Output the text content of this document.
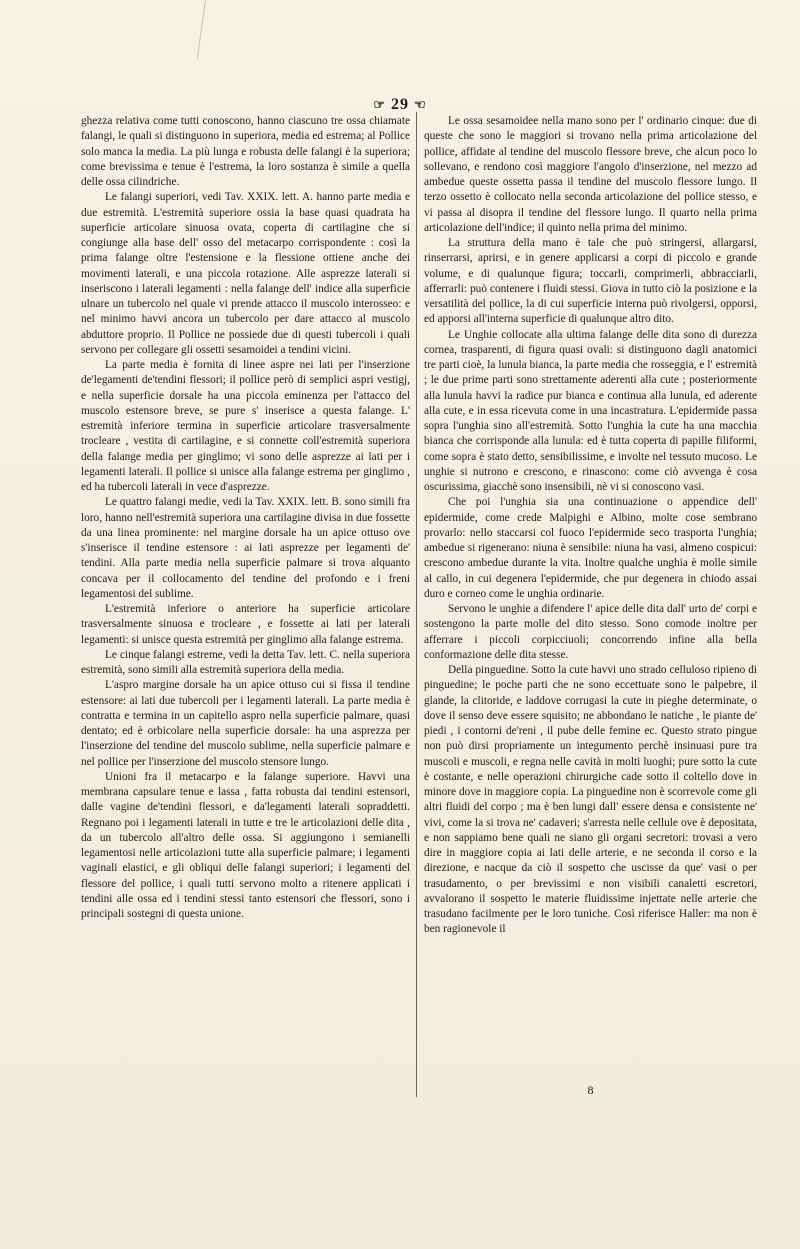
☞ 29 ☜

ghezza relativa come tutti conoscono, hanno ciascuno tre ossa chiamate falangi, le quali si distinguono in superiora, media ed estrema; al Pollice solo manca la media. La più lunga e robusta delle falangi è la superiora; come brevissima e tenue è l'estrema, la loro sostanza è simile a quella delle ossa cilindriche.

Le falangi superiori, vedi Tav. XXIX. lett. A. hanno parte media e due estremità. L'estremità superiore ossia la base quasi quadrata ha superficie articolare sinuosa ovata, coperta di cartilagine che si congiunge alla base dell' osso del metacarpo corrispondente : così la prima falange oltre l'estensione e la flessione ottiene anche dei movimenti laterali, e una piccola rotazione. Alle asprezze laterali si inseriscono i laterali legamenti : nella falange dell' indice alla superficie ulnare un tubercolo nel quale vi prende attacco il muscolo interosseo: e nel minimo havvi ancora un tubercolo per dare attacco al muscolo abduttore proprio. Il Pollice ne possiede due di questi tubercoli i quali servono per collegare gli ossetti sesamoidei a tendini vicini.

La parte media è fornita di linee aspre nei lati per l'inserzione de'legamenti de'tendini flessori; il pollice però di semplici aspri vestigj, e nella superficie dorsale ha una piccola eminenza per l'attacco del muscolo estensore breve, se pure s' inserisce a questa falange. L' estremità inferiore termina in superficie articolare trasversalmente trocleare , vestita di cartilagine, e si connette coll'estremità superiora della falange media per ginglimo; vi sono delle asprezze ai lati per i legamenti laterali. Il pollice si unisce alla falange estrema per ginglimo , ed ha tubercoli laterali in vece d'asprezze.

Le quattro falangi medie, vedi la Tav. XXIX. lett. B. sono simili fra loro, hanno nell'estremità superiora una cartilagine divisa in due fossette da una linea prominente: nel margine dorsale ha un apice ottuso ove s'inserisce il tendine estensore : ai lati asprezze per legamenti de' tendini. Alla parte media nella superficie palmare si trova alquanto concava per il collocamento del tendine del profondo e i freni legamentosi del sublime.

L'estremità inferiore o anteriore ha superficie articolare trasversalmente sinuosa e trocleare , e fossette ai lati per laterali legamenti: si unisce questa estremità per ginglimo alla falange estrema.

Le cinque falangi estreme, vedi la detta Tav. lett. C. nella superiora estremità, sono simili alla estremità superiora della media.

L'aspro margine dorsale ha un apice ottuso cui si fissa il tendine estensore: ai lati due tubercoli per i legamenti laterali. La parte media è contratta e termina in un capitello aspro nella superficie palmare, quasi dentato; ed è orbicolare nella superficie dorsale: ha una asprezza per l'inserzione del tendine del muscolo sublime, nella superficie palmare e nel pollice per l'inserzione del muscolo stensore lungo.

Unioni fra il metacarpo e la falange superiore. Havvi una membrana capsulare tenue e lassa , fatta robusta dai tendini estensori, dalle vagine de'tendini flessori, e da'legamenti laterali sopraddetti. Regnano poi i legamenti laterali in tutte e tre le articolazioni delle dita , da un tubercolo all'altro delle ossa. Si aggiungono i semianelli legamentosi nelle articolazioni tutte alla superficie palmare; i legamenti vaginali elastici, e gli obliqui delle falangi superiori; i legamenti del flessore del pollice, i quali tutti servono molto a ritenere applicati i tendini alle ossa ed i tendini stessi tanto estensori che flessori, sono i principali sostegni di questa unione.

Le ossa sesamoidee nella mano sono per l' ordinario cinque: due di queste che sono le maggiori si trovano nella prima articolazione del pollice, affidate al tendine del muscolo flessore breve, che alcun poco lo sollevano, e rendono così maggiore l'angolo d'inserzione, nel mezzo ad ambedue queste ossetta passa il tendine del muscolo flessore lungo. Il terzo ossetto è collocato nella seconda articolazione del pollice stesso, e vi passa al disopra il tendine del flessore lungo. Il quarto nella prima articolazione dell'indice; il quinto nella prima del minimo.

La struttura della mano è tale che può stringersi, allargarsi, rinserrarsi, aprirsi, e in genere applicarsi a corpi di piccolo e grande volume, e di qualunque figura; toccarli, comprimerli, abbracciarli, afferrarli: può contenere i fluidi stessi. Giova in tutto ciò la posizione e la versatilità del pollice, la di cui superficie interna può rivolgersi, opporsi, ed apporsi all'interna superficie di qualunque altro dito.

Le Unghie collocate alla ultima falange delle dita sono di durezza cornea, trasparenti, di figura quasi ovali: si distinguono dagli anatomici tre parti cioè, la lunula bianca, la parte media che rosseggia, e l' estremità ; le due prime parti sono strettamente aderenti alla cute ; posteriormente alla lunula havvi la radice pur bianca e continua alla lunula, ed aderente alla cute, e in essa ricevuta come in una incastratura. L'epidermide passa sopra l'unghia sino all'estremità. Sotto l'unghia la cute ha una macchia bianca che corrisponde alla lunula: ed è tutta coperta di papille filiformi, come sopra è stato detto, sensibilissime, e involte nel tessuto mucoso. Le unghie si nutrono e crescono, e rinascono: come ciò avvenga è cosa oscurissima, giacchè sono insensibili, nè vi si conoscono vasi.

Che poi l'unghia sia una continuazione o appendice dell' epidermide, come crede Malpighi e Albino, molte cose sembrano provarlo: nello staccarsi col fuoco l'epidermide seco trasporta l'unghia; ambedue si rigenerano: niuna è sensibile: niuna ha vasi, almeno cospicui: crescono ambedue durante la vita. Inoltre qualche unghia è molle simile al callo, in cui degenera l'epidermide, che pur degenera in chiodo assai duro e corneo come le unghia ordinarie.

Servono le unghie a difendere l' apice delle dita dall' urto de' corpi e sostengono la parte molle del dito stesso. Sono comode inoltre per afferrare i piccoli corpicciuoli; concorrendo infine alla bella conformazione delle dita stesse.

Della pinguedine. Sotto la cute havvi uno strado celluloso ripieno di pinguedine; le poche parti che ne sono eccettuate sono le palpebre, il glande, la clitoride, e laddove corrugasi la cute in pieghe determinate, o dove il senso deve essere squisito; ne abbondano le natiche , le piante de' piedi , i contorni de'reni , il pube delle femine ec. Questo strato pingue non può dirsi propriamente un integumento perchè insinuasi pure tra muscoli e muscoli, e regna nelle cavità in molti luoghi; pure sotto la cute è costante, e nelle operazioni chirurgiche cade sotto il coltello dove in minore dove in maggiore copia. La pinguedine non è scorrevole come gli altri fluidi del corpo ; ma è ben lungi dall' essere densa e consistente ne' vivi, come la si trova ne' cadaveri; s'arresta nelle cellule ove è depositata, e non sappiamo bene quali ne siano gli organi secretori: trovasi a vero dire in maggiore copia ai lati delle arterie, e ne seconda il corso e la direzione, e nacque da ciò il sospetto che uscisse da que' vasi o per trasudamento, o per brevissimi e non visibili canaletti escretori, avvalorano il sospetto le materie fluidissime injettate nelle arterie che trasudano facilmente per le loro tuniche. Così riferisce Haller: ma non è ben ragionevole il

8
